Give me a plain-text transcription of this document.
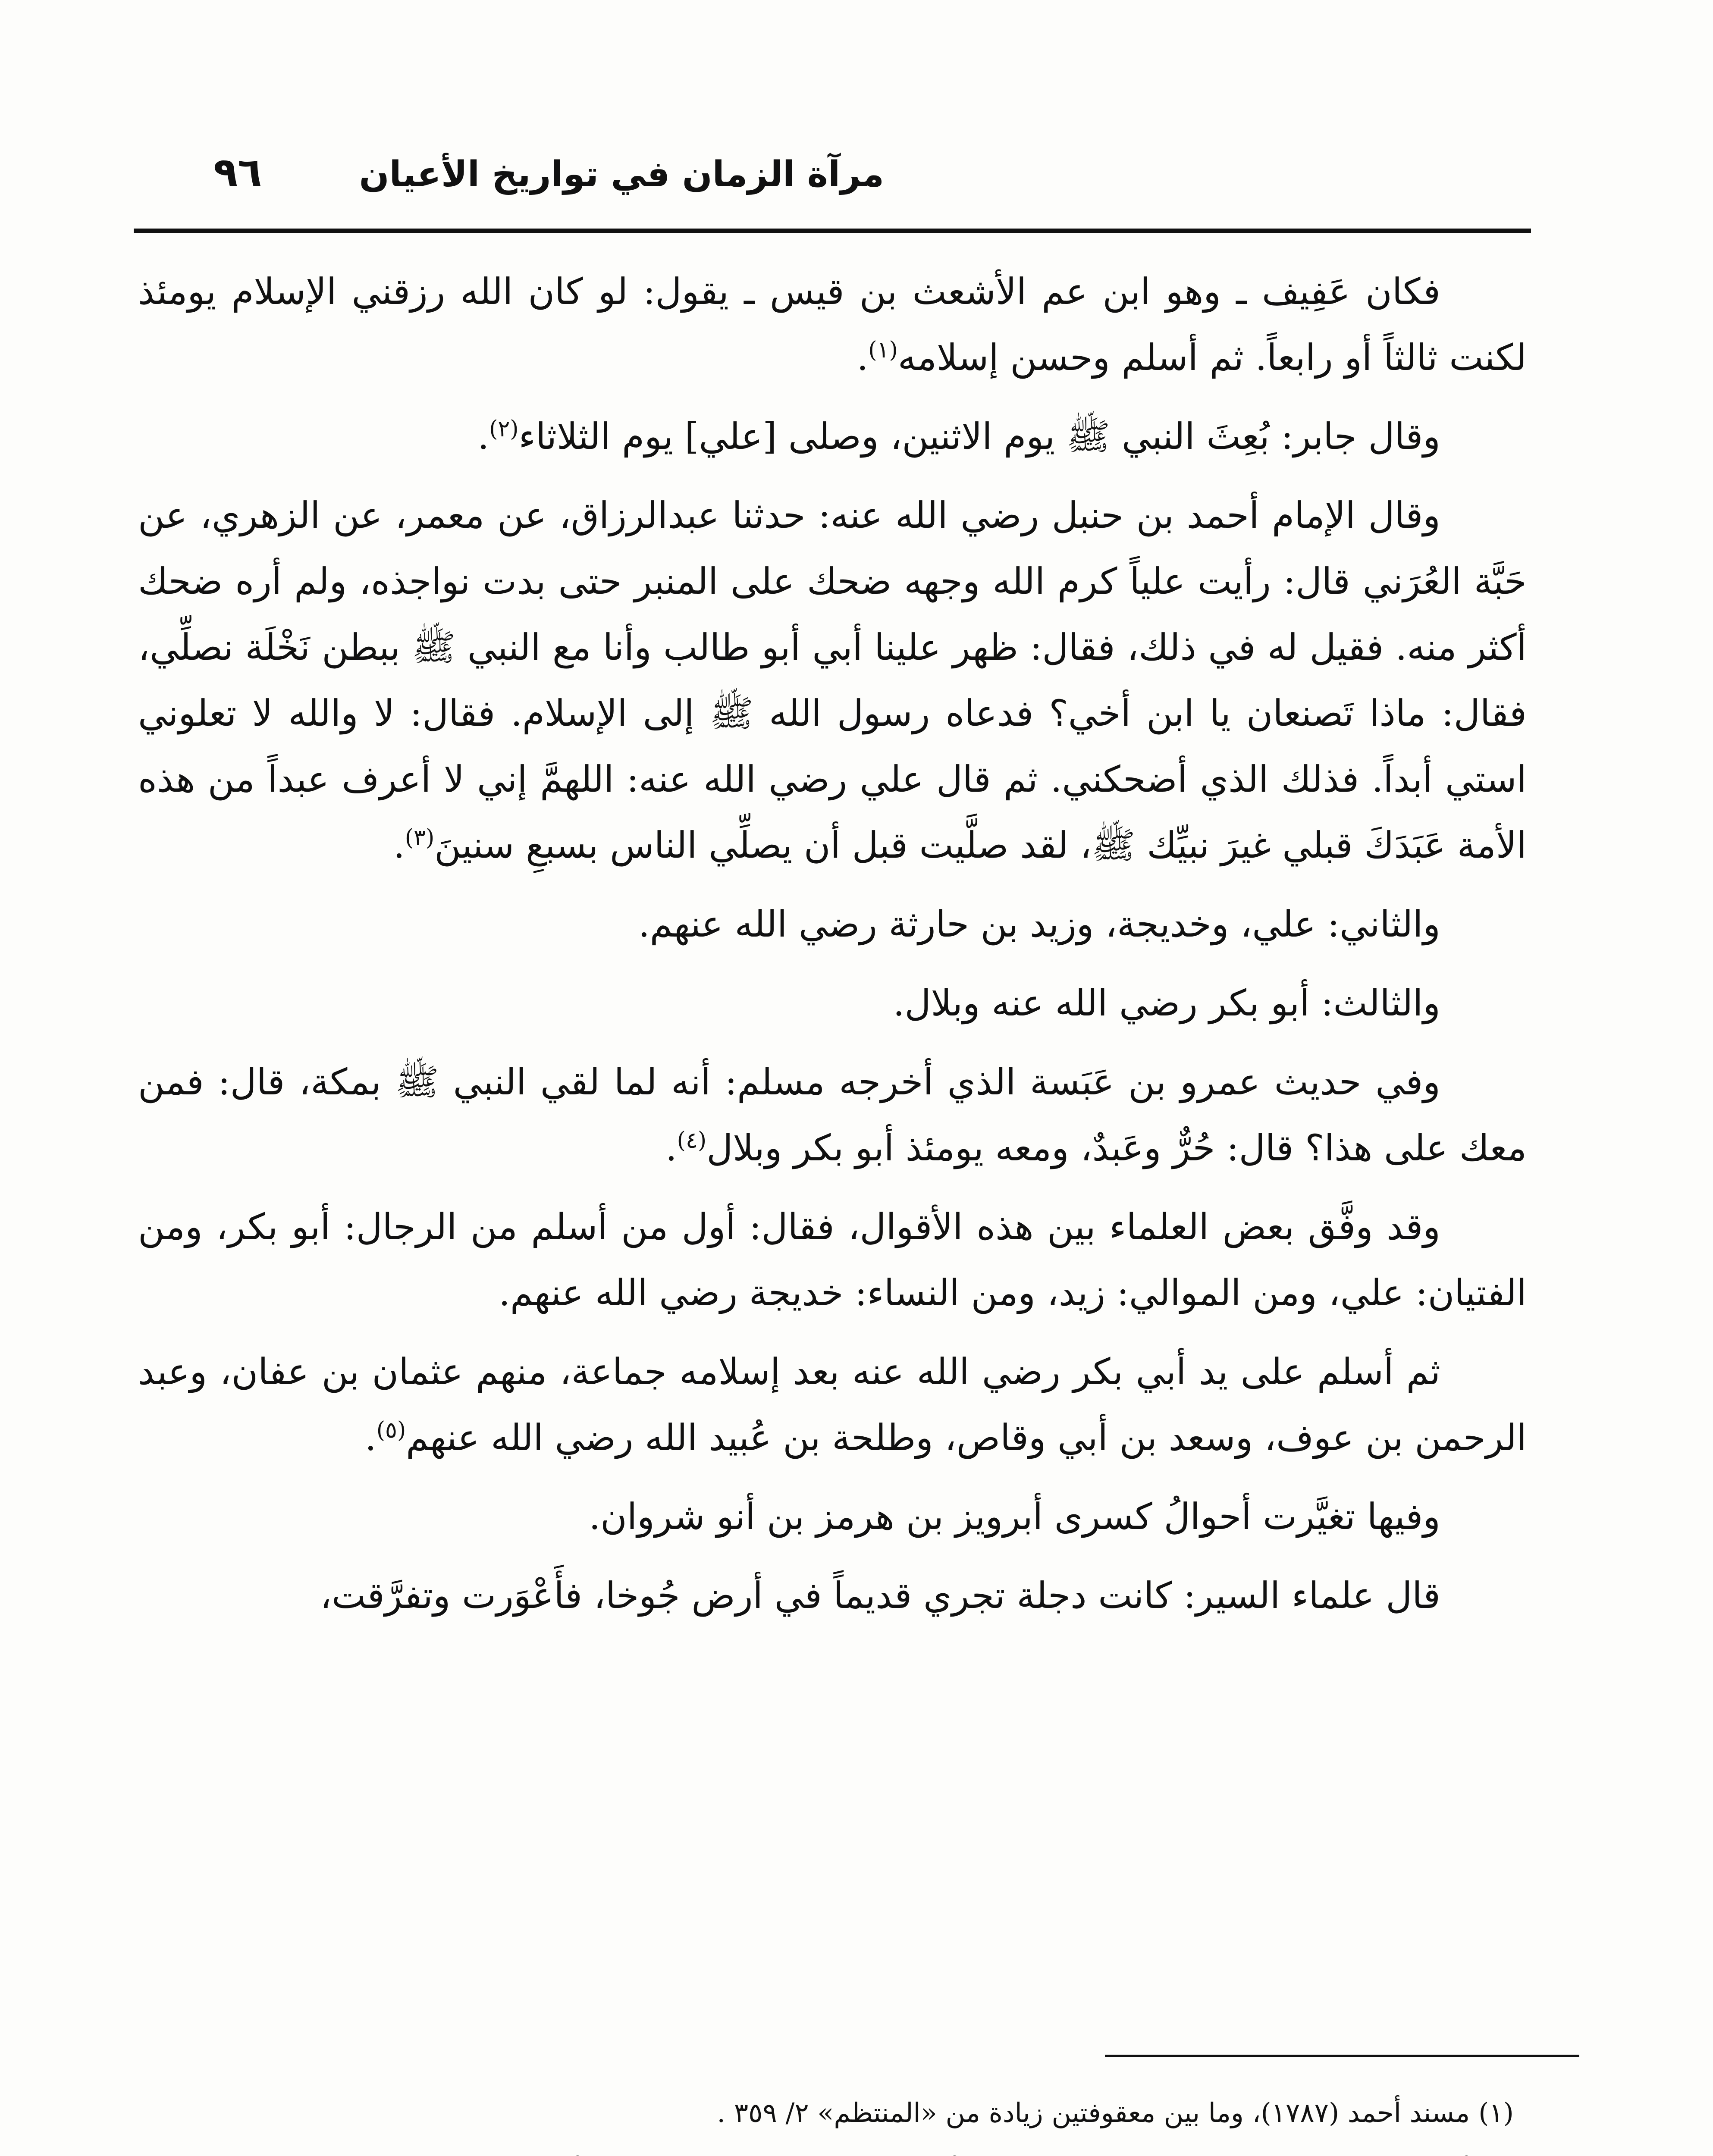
مرآة الزمان في تواريخ الأعيان
٩٦

فكان عَفِيف ـ وهو ابن عم الأشعث بن قيس ـ يقول: لو كان الله رزقني الإسلام يومئذ لكنت ثالثاً أو رابعاً. ثم أسلم وحسن إسلامه$^{(١)}$.

وقال جابر: بُعِثَ النبي ﷺ يوم الاثنين، وصلى [علي] يوم الثلاثاء$^{(٢)}$.

وقال الإمام أحمد بن حنبل رضي الله عنه: حدثنا عبدالرزاق، عن معمر، عن الزهري، عن حَبَّة العُرَني قال: رأيت علياً كرم الله وجهه ضحك على المنبر حتى بدت نواجذه، ولم أره ضحك أكثر منه. فقيل له في ذلك، فقال: ظهر علينا أبي أبو طالب وأنا مع النبي ﷺ ببطن نَخْلَة نصلِّي، فقال: ماذا تَصنعان يا ابن أخي؟ فدعاه رسول الله ﷺ إلى الإسلام. فقال: لا والله لا تعلوني استي أبداً. فذلك الذي أضحكني. ثم قال علي رضي الله عنه: اللهمَّ إني لا أعرف عبداً من هذه الأمة عَبَدَكَ قبلي غيرَ نبيِّك ﷺ، لقد صلَّيت قبل أن يصلِّي الناس بسبعِ سنينَ$^{(٣)}$.

والثاني: علي، وخديجة، وزيد بن حارثة رضي الله عنهم.

والثالث: أبو بكر رضي الله عنه وبلال.

وفي حديث عمرو بن عَبَسة الذي أخرجه مسلم: أنه لما لقي النبي ﷺ بمكة، قال: فمن معك على هذا؟ قال: حُرٌّ وعَبدٌ، ومعه يومئذ أبو بكر وبلال$^{(٤)}$.

وقد وفَّق بعض العلماء بين هذه الأقوال، فقال: أول من أسلم من الرجال: أبو بكر، ومن الفتيان: علي، ومن الموالي: زيد، ومن النساء: خديجة رضي الله عنهم.

ثم أسلم على يد أبي بكر رضي الله عنه بعد إسلامه جماعة، منهم عثمان بن عفان، وعبد الرحمن بن عوف، وسعد بن أبي وقاص، وطلحة بن عُبيد الله رضي الله عنهم$^{(٥)}$.

وفيها تغيَّرت أحوالُ كسرى أبرويز بن هرمز بن أنو شروان.

قال علماء السير: كانت دجلة تجري قديماً في أرض جُوخا، فأَعْوَرت وتفرَّقت،

(١)مسند أحمد (١٧٨٧)، وما بين معقوفتين زيادة من «المنتظم» ٢/ ٣٥٩ .
